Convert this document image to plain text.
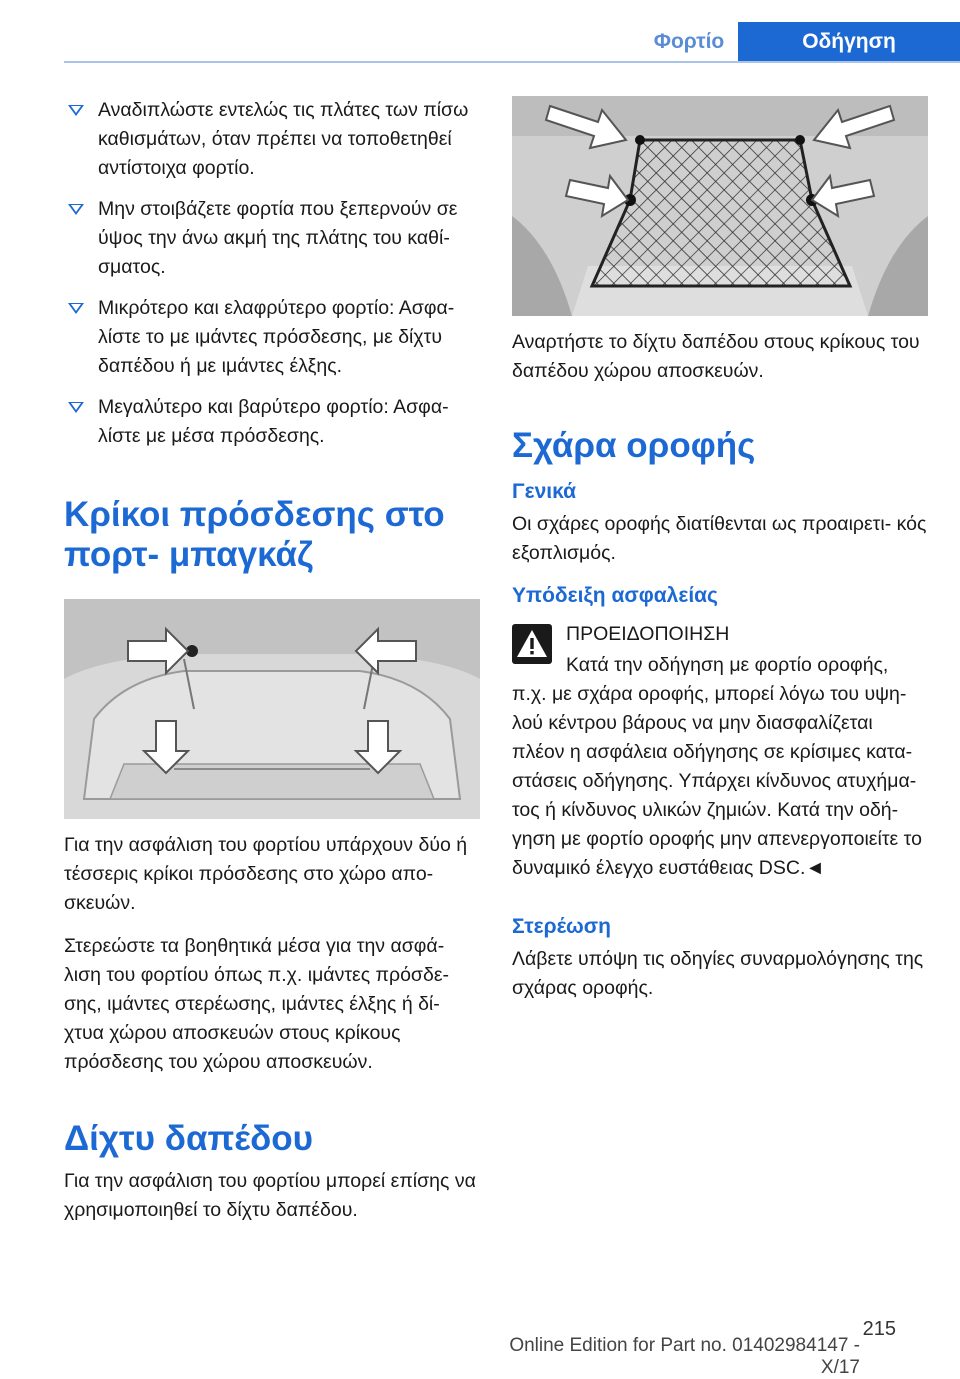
Φορτίο	Οδήγηση
Αναδιπλώστε εντελώς τις πλάτες των πίσω καθισμάτων, όταν πρέπει να τοποθετηθεί αντίστοιχα φορτίο.
Μην στοιβάζετε φορτία που ξεπερνούν σε ύψος την άνω ακμή της πλάτης του καθί‐ σματος.
Μικρότερο και ελαφρύτερο φορτίο: Ασφα‐ λίστε το με ιμάντες πρόσδεσης, με δίχτυ δαπέδου ή με ιμάντες έλξης.
Μεγαλύτερο και βαρύτερο φορτίο: Ασφα‐ λίστε με μέσα πρόσδεσης.
Κρίκοι πρόσδεσης στο πορτ‐ μπαγκάζ

Για την ασφάλιση του φορτίου υπάρχουν δύο ή τέσσερις κρίκοι πρόσδεσης στο χώρο απο‐ σκευών.

Στερεώστε τα βοηθητικά μέσα για την ασφά‐ λιση του φορτίου όπως π.χ. ιμάντες πρόσδε‐ σης, ιμάντες στερέωσης, ιμάντες έλξης ή δί‐ χτυα χώρου αποσκευών στους κρίκους πρόσδεσης του χώρου αποσκευών.

Δίχτυ δαπέδου

Για την ασφάλιση του φορτίου μπορεί επίσης να χρησιμοποιηθεί το δίχτυ δαπέδου.

Αναρτήστε το δίχτυ δαπέδου στους κρίκους του δαπέδου χώρου αποσκευών.

Σχάρα οροφής
Γενικά

Οι σχάρες οροφής διατίθενται ως προαιρετι‐ κός εξοπλισμός.

Υπόδειξη ασφαλείας
ΠΡΟΕΙΔΟΠΟΙΗΣΗ
Κατά την οδήγηση με φορτίο οροφής,

π.χ. με σχάρα οροφής, μπορεί λόγω του υψη‐ λού κέντρου βάρους να μην διασφαλίζεται πλέον η ασφάλεια οδήγησης σε κρίσιμες κατα‐ στάσεις οδήγησης. Υπάρχει κίνδυνος ατυχήμα‐ τος ή κίνδυνος υλικών ζημιών. Κατά την οδή‐ γηση με φορτίο οροφής μην απενεργοποιείτε το δυναμικό έλεγχο ευστάθειας DSC.◄

Στερέωση

Λάβετε υπόψη τις οδηγίες συναρμολόγησης της σχάρας οροφής.

215
Online Edition for Part no. 01402984147 - X/17
